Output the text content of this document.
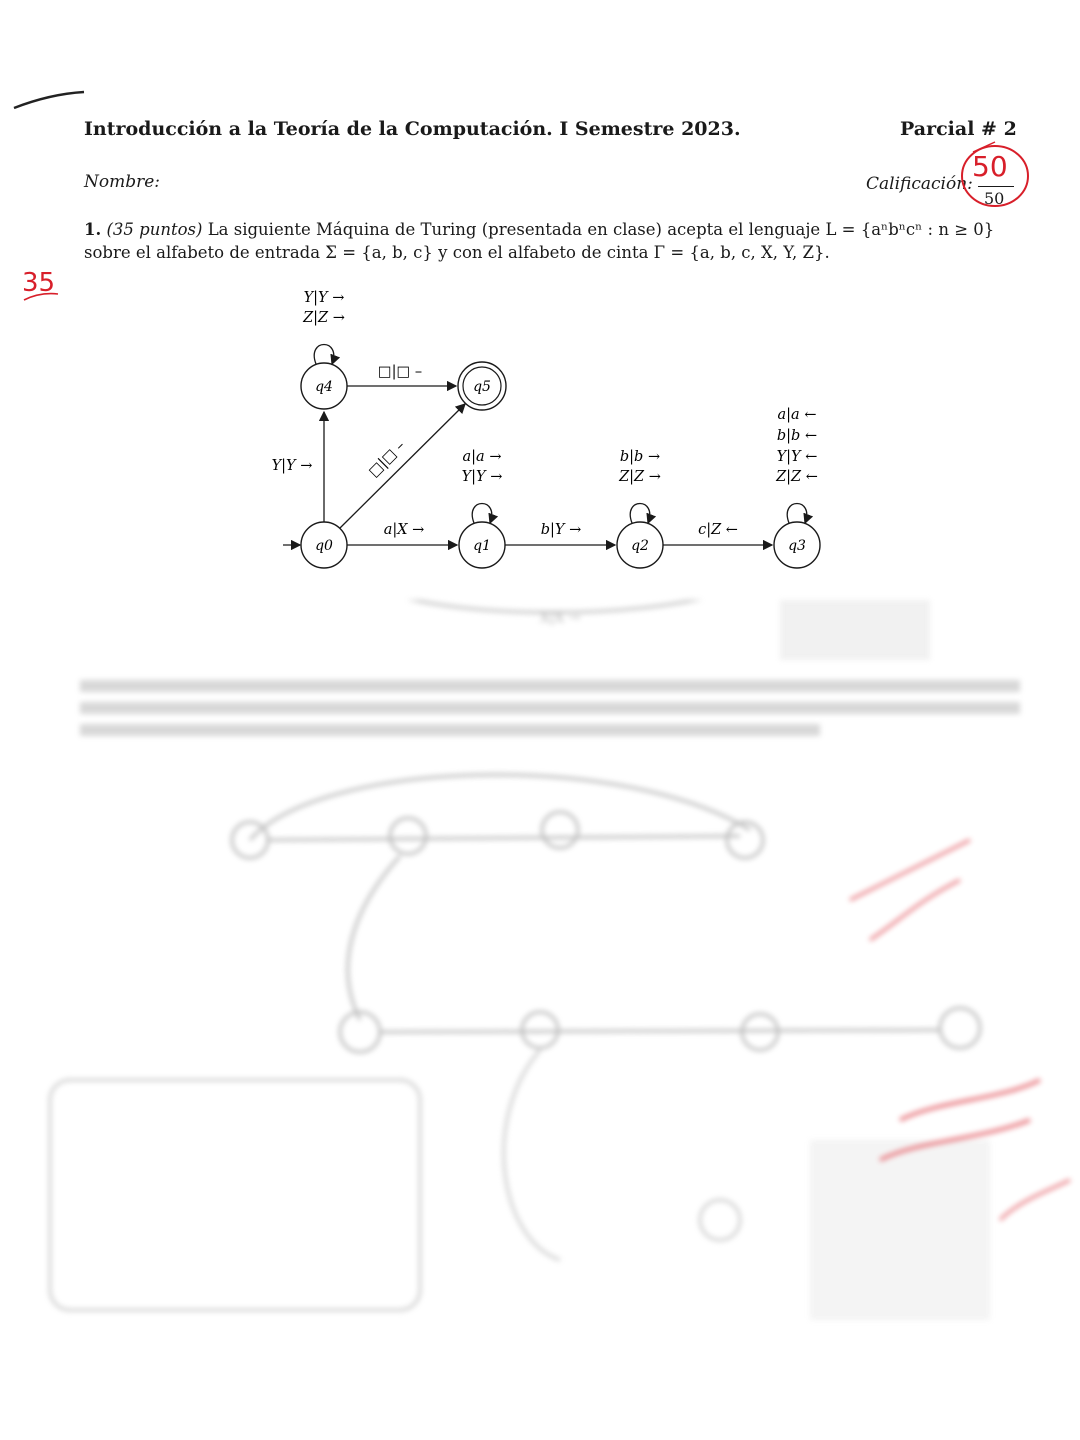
Introducción a la Teoría de la Computación. I Semestre 2023.	Parcial # 2
Nombre:	Calificación:
50
50
1. (35 puntos) La siguiente Máquina de Turing (presentada en clase) acepta el lenguaje L = {aⁿbⁿcⁿ : n ≥ 0} sobre el alfabeto de entrada Σ = {a, b, c} y con el alfabeto de cinta Γ = {a, b, c, X, Y, Z}.
35
q4	q5
q0	q1	q2	q3
Y|Y →
Z|Z →
□|□ –
Y|Y →	□|□ –	a|a →
Y|Y →
a|X →
b|b →
Z|Z →
b|Y →
a|a ←
b|b ←
Y|Y ←
Z|Z ←
c|Z ←
X|X →
